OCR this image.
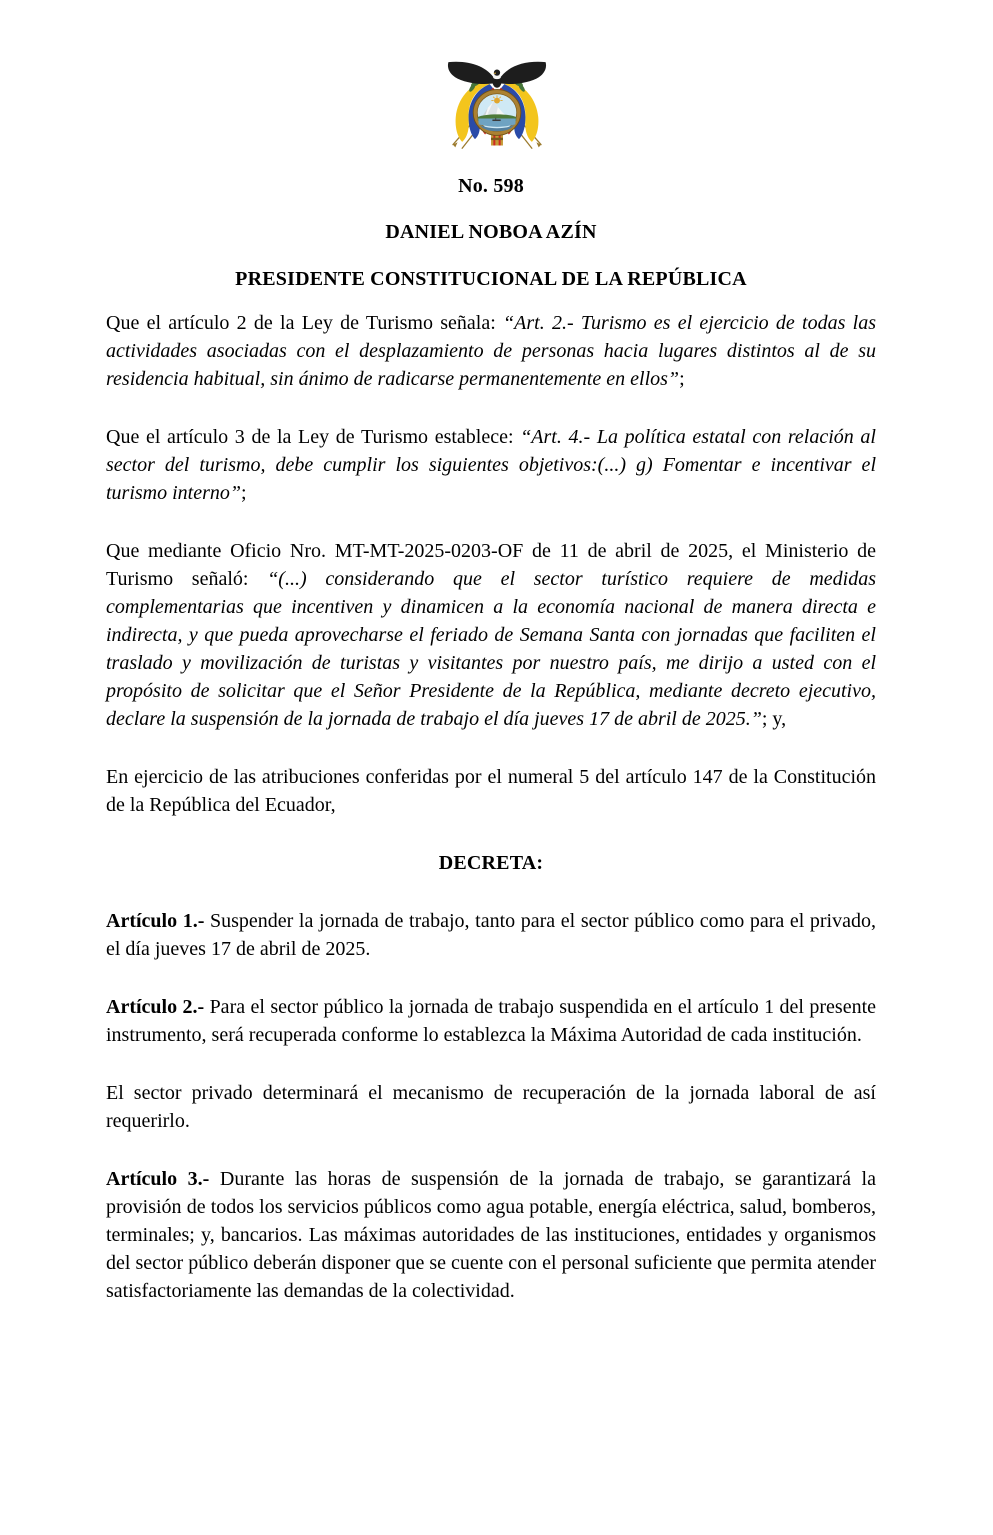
No. 598
DANIEL NOBOA AZÍN
PRESIDENTE CONSTITUCIONAL DE LA REPÚBLICA

Que el artículo 2 de la Ley de Turismo señala: “Art. 2.- Turismo es el ejercicio de todas las actividades asociadas con el desplazamiento de personas hacia lugares distintos al de su residencia habitual, sin ánimo de radicarse permanentemente en ellos”;

Que el artículo 3 de la Ley de Turismo establece: “Art. 4.- La política estatal con relación al sector del turismo, debe cumplir los siguientes objetivos:(...) g) Fomentar e incentivar el turismo interno”;

Que mediante Oficio Nro. MT-MT-2025-0203-OF de 11 de abril de 2025, el Ministerio de Turismo señaló: “(...) considerando que el sector turístico requiere de medidas complementarias que incentiven y dinamicen a la economía nacional de manera directa e indirecta, y que pueda aprovecharse el feriado de Semana Santa con jornadas que faciliten el traslado y movilización de turistas y visitantes por nuestro país, me dirijo a usted con el propósito de solicitar que el Señor Presidente de la República, mediante decreto ejecutivo, declare la suspensión de la jornada de trabajo el día jueves 17 de abril de 2025.”; y,

En ejercicio de las atribuciones conferidas por el numeral 5 del artículo 147 de la Constitución de la República del Ecuador,

DECRETA:

Artículo 1.- Suspender la jornada de trabajo, tanto para el sector público como para el privado, el día jueves 17 de abril de 2025.

Artículo 2.- Para el sector público la jornada de trabajo suspendida en el artículo 1 del presente instrumento, será recuperada conforme lo establezca la Máxima Autoridad de cada institución.

El sector privado determinará el mecanismo de recuperación de la jornada laboral de así requerirlo.

Artículo 3.- Durante las horas de suspensión de la jornada de trabajo, se garantizará la provisión de todos los servicios públicos como agua potable, energía eléctrica, salud, bomberos, terminales; y, bancarios. Las máximas autoridades de las instituciones, entidades y organismos del sector público deberán disponer que se cuente con el personal suficiente que permita atender satisfactoriamente las demandas de la colectividad.
